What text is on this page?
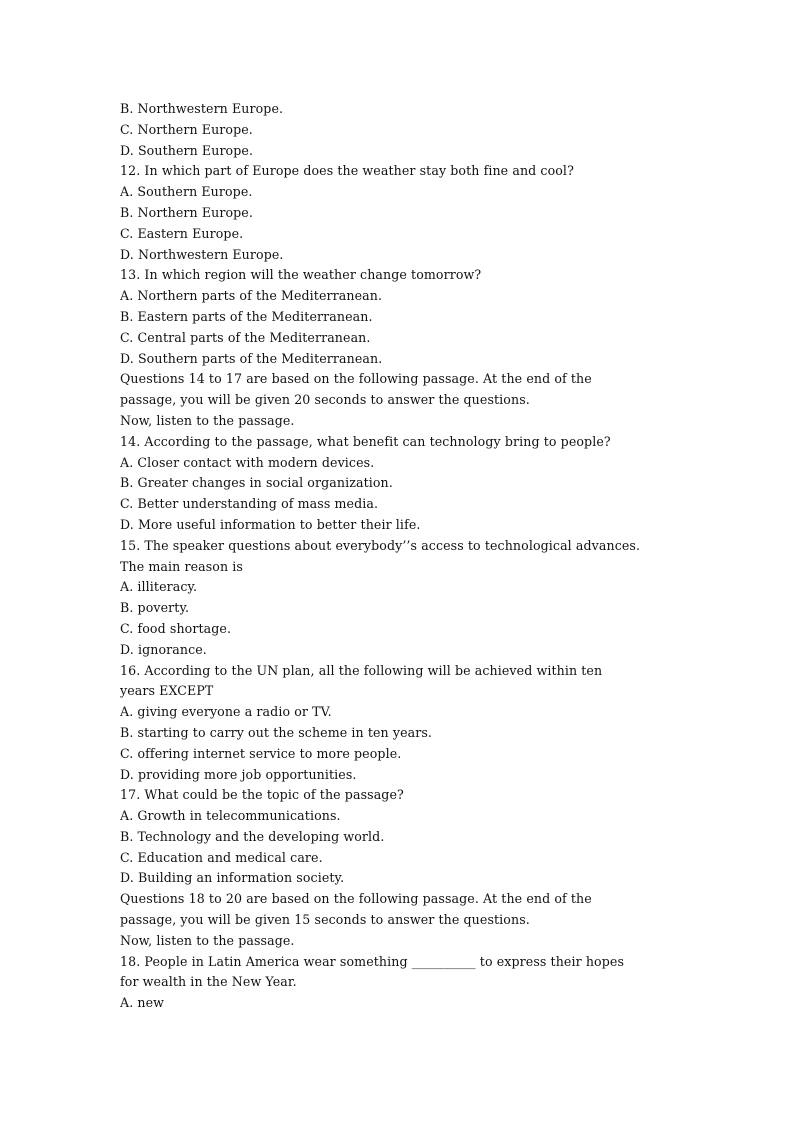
B. Northwestern Europe.
C. Northern Europe.
D. Southern Europe.
12. In which part of Europe does the weather stay both fine and cool?
A. Southern Europe.
B. Northern Europe.
C. Eastern Europe.
D. Northwestern Europe.
13. In which region will the weather change tomorrow?
A. Northern parts of the Mediterranean.
B. Eastern parts of the Mediterranean.
C. Central parts of the Mediterranean.
D. Southern parts of the Mediterranean.
Questions 14 to 17 are based on the following passage. At the end of the
passage, you will be given 20 seconds to answer the questions.
Now, listen to the passage.
14. According to the passage, what benefit can technology bring to people?
A. Closer contact with modern devices.
B. Greater changes in social organization.
C. Better understanding of mass media.
D. More useful information to better their life.
15. The speaker questions about everybody’’s access to technological advances.
The main reason is
A. illiteracy.
B. poverty.
C. food shortage.
D. ignorance.
16. According to the UN plan, all the following will be achieved within ten
years EXCEPT
A. giving everyone a radio or TV.
B. starting to carry out the scheme in ten years.
C. offering internet service to more people.
D. providing more job opportunities.
17. What could be the topic of the passage?
A. Growth in telecommunications.
B. Technology and the developing world.
C. Education and medical care.
D. Building an information society.
Questions 18 to 20 are based on the following passage. At the end of the
passage, you will be given 15 seconds to answer the questions.
Now, listen to the passage.
18. People in Latin America wear something __________ to express their hopes
for wealth in the New Year.
A. new
